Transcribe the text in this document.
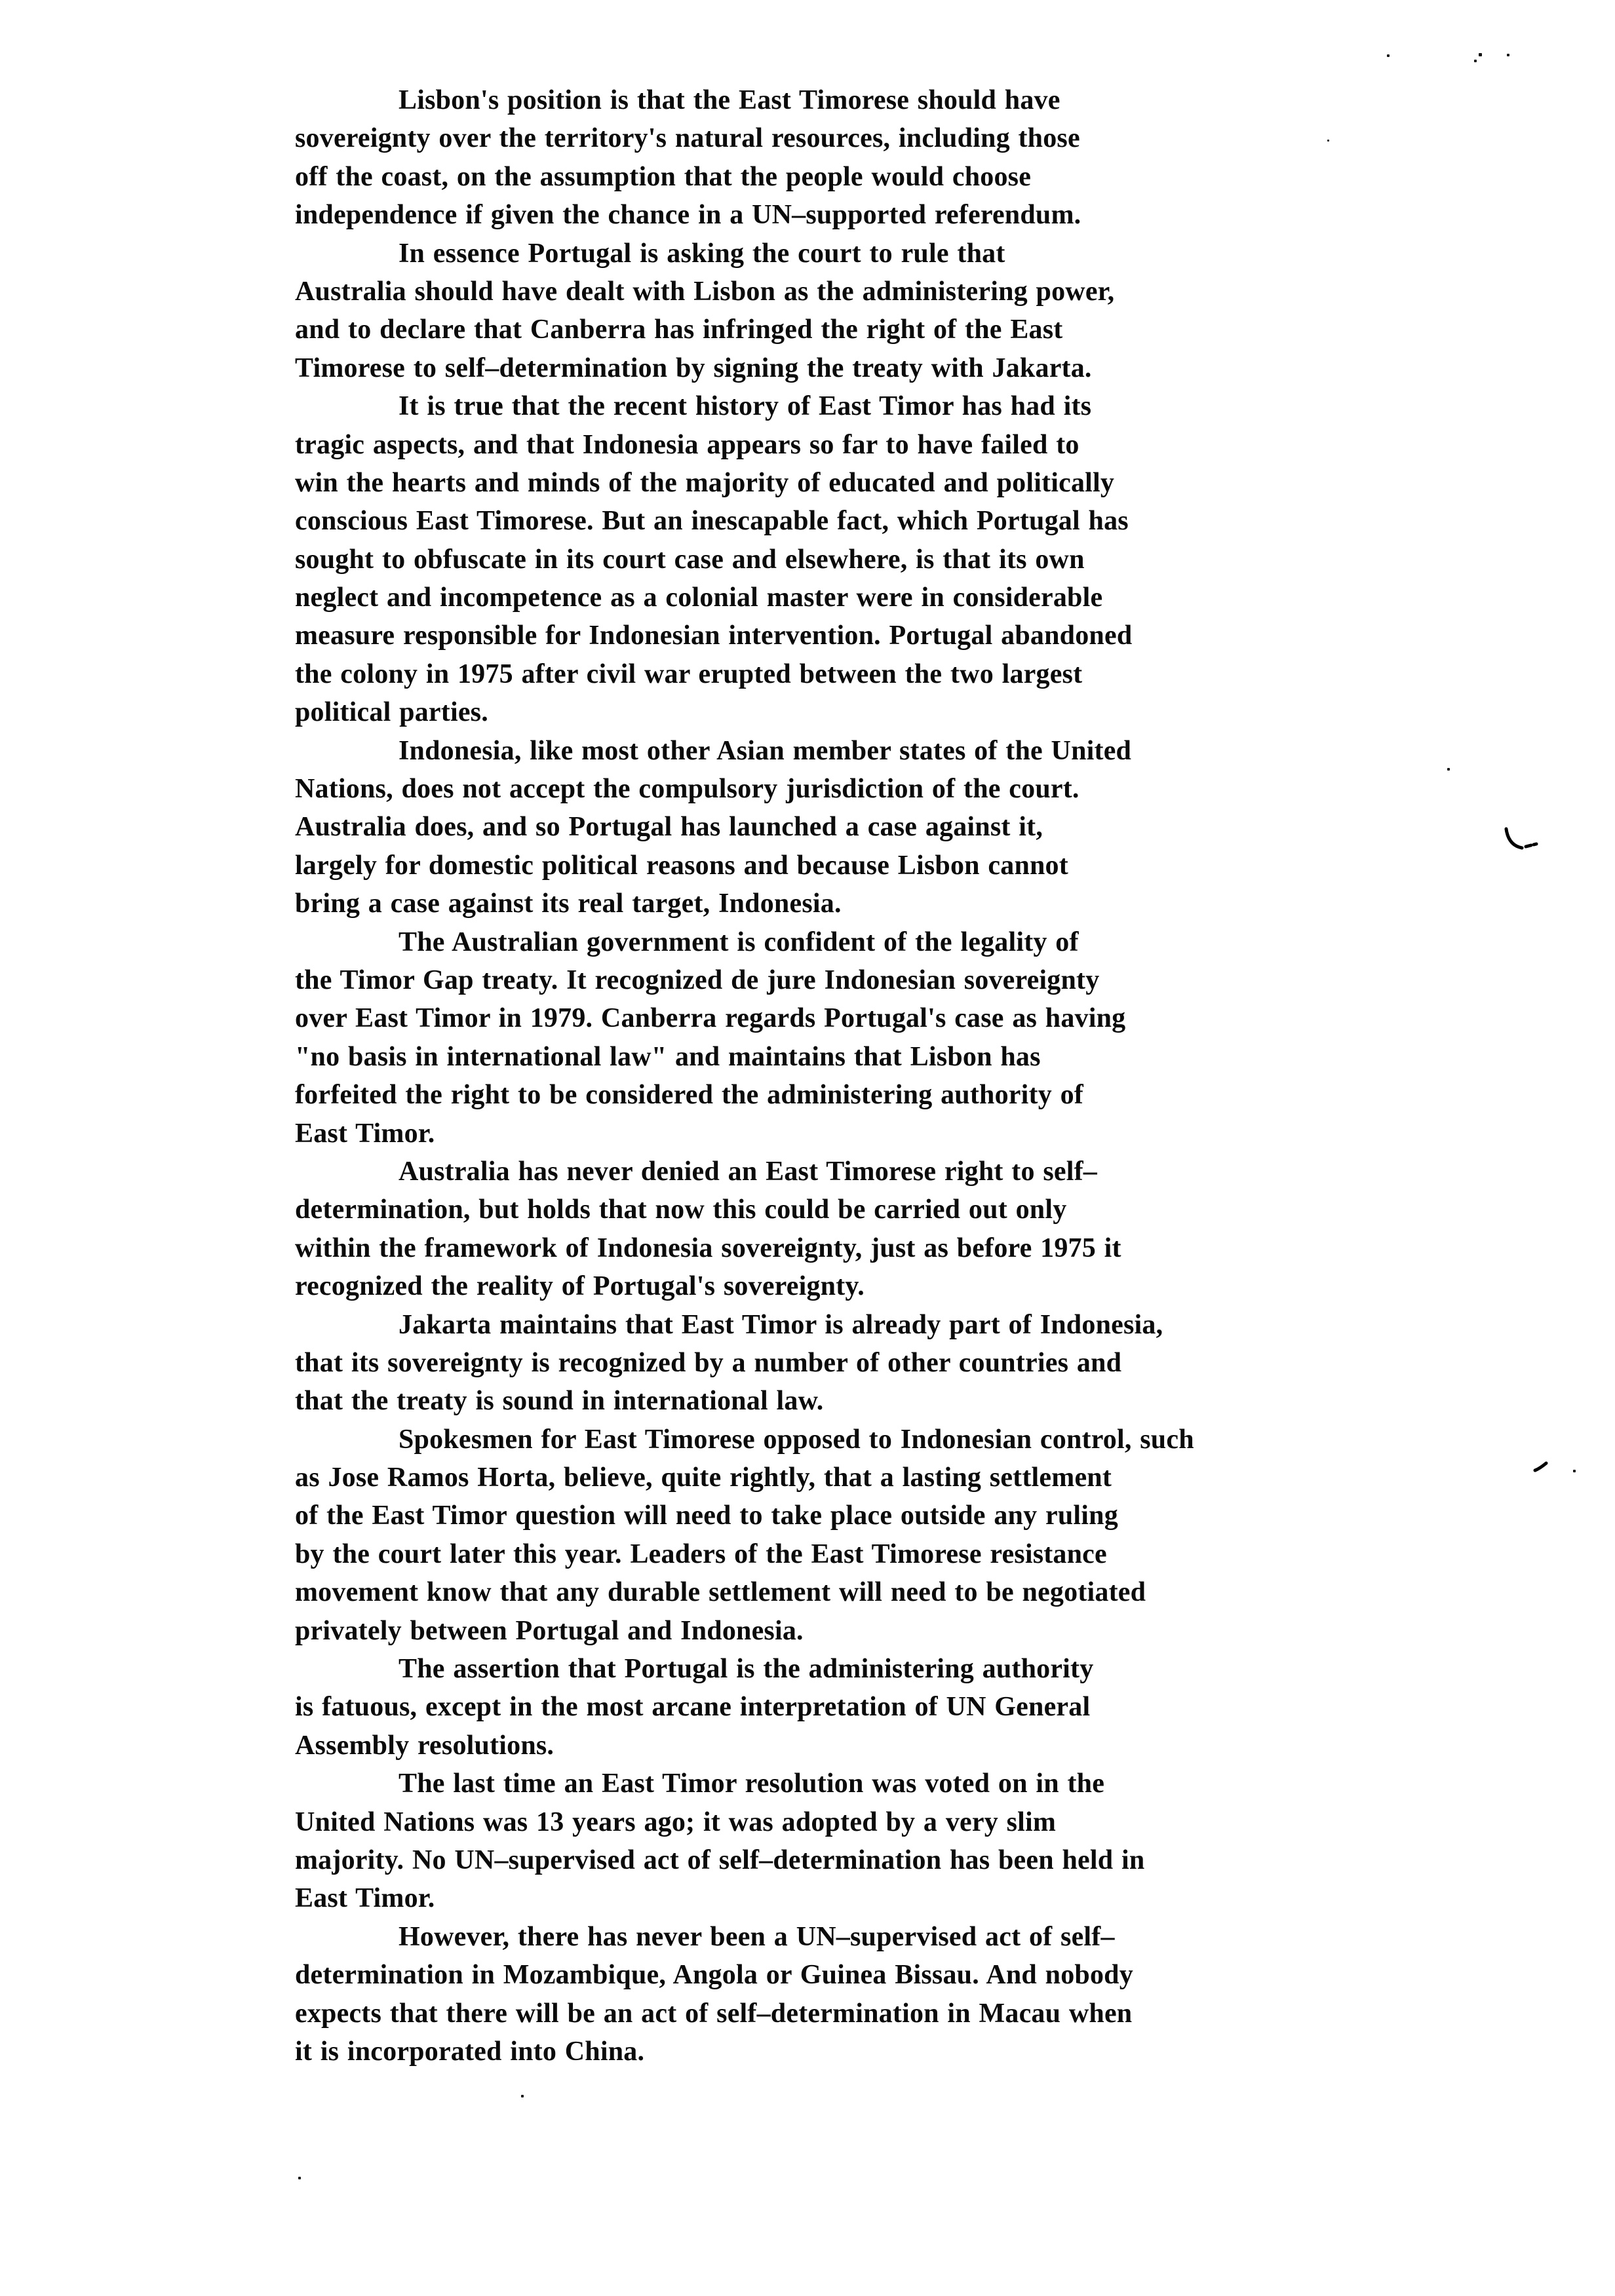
Lisbon's position is that the East Timorese should have
sovereignty over the territory's natural resources, including those
off the coast, on the assumption that the people would choose
independence if given the chance in a UN–supported referendum.
In essence Portugal is asking the court to rule that
Australia should have dealt with Lisbon as the administering power,
and to declare that Canberra has infringed the right of the East
Timorese to self–determination by signing the treaty with Jakarta.
It is true that the recent history of East Timor has had its
tragic aspects, and that Indonesia appears so far to have failed to
win the hearts and minds of the majority of educated and politically
conscious East Timorese. But an inescapable fact, which Portugal has
sought to obfuscate in its court case and elsewhere, is that its own
neglect and incompetence as a colonial master were in considerable
measure responsible for Indonesian intervention. Portugal abandoned
the colony in 1975 after civil war erupted between the two largest
political parties.
Indonesia, like most other Asian member states of the United
Nations, does not accept the compulsory jurisdiction of the court.
Australia does, and so Portugal has launched a case against it,
largely for domestic political reasons and because Lisbon cannot
bring a case against its real target, Indonesia.
The Australian government is confident of the legality of
the Timor Gap treaty. It recognized de jure Indonesian sovereignty
over East Timor in 1979. Canberra regards Portugal's case as having
"no basis in international law" and maintains that Lisbon has
forfeited the right to be considered the administering authority of
East Timor.
Australia has never denied an East Timorese right to self–
determination, but holds that now this could be carried out only
within the framework of Indonesia sovereignty, just as before 1975 it
recognized the reality of Portugal's sovereignty.
Jakarta maintains that East Timor is already part of Indonesia,
that its sovereignty is recognized by a number of other countries and
that the treaty is sound in international law.
Spokesmen for East Timorese opposed to Indonesian control, such
as Jose Ramos Horta, believe, quite rightly, that a lasting settlement
of the East Timor question will need to take place outside any ruling
by the court later this year. Leaders of the East Timorese resistance
movement know that any durable settlement will need to be negotiated
privately between Portugal and Indonesia.
The assertion that Portugal is the administering authority
is fatuous, except in the most arcane interpretation of UN General
Assembly resolutions.
The last time an East Timor resolution was voted on in the
United Nations was 13 years ago; it was adopted by a very slim
majority. No UN–supervised act of self–determination has been held in
East Timor.
However, there has never been a UN–supervised act of self–
determination in Mozambique, Angola or Guinea Bissau. And nobody
expects that there will be an act of self–determination in Macau when
it is incorporated into China.
